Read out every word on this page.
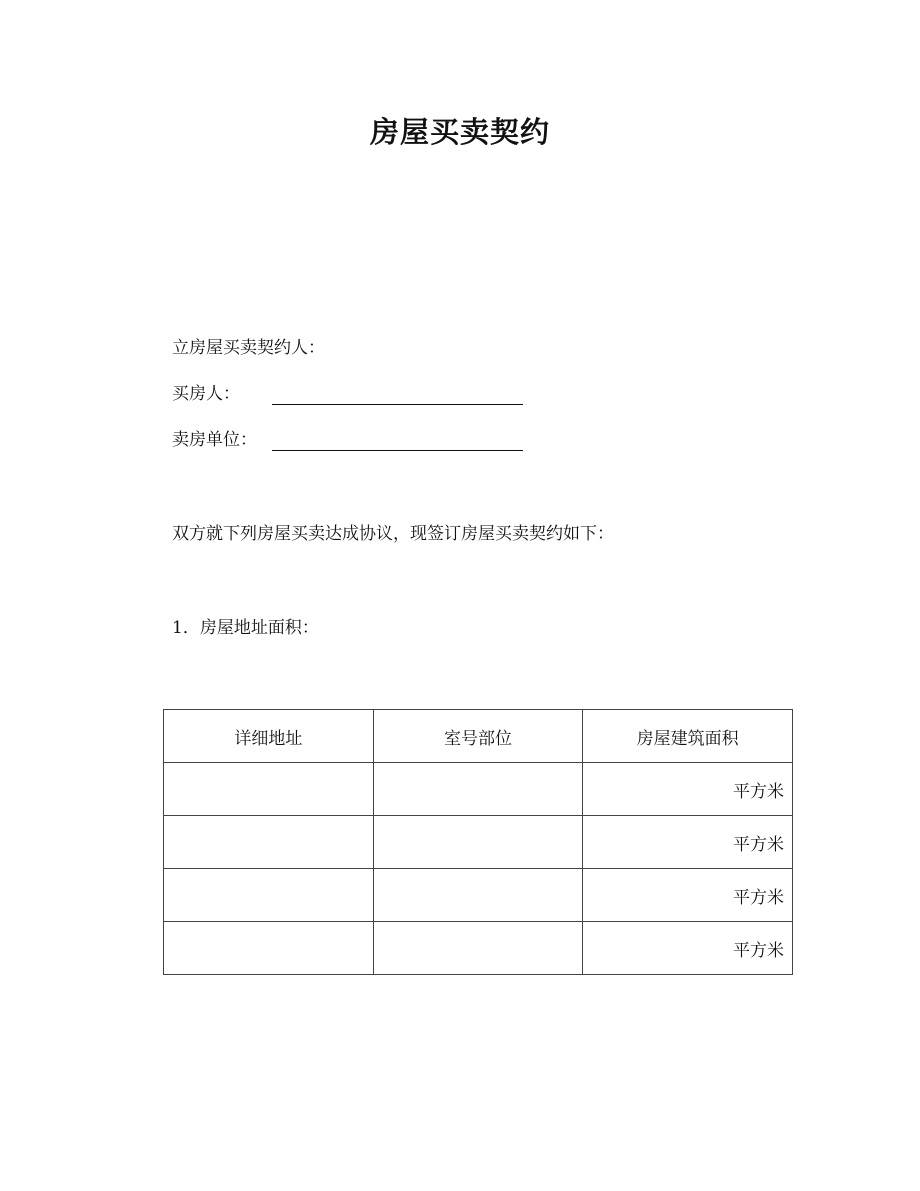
房屋买卖契约
立房屋买卖契约人：
买房人：
卖房单位：
双方就下列房屋买卖达成协议，现签订房屋买卖契约如下：
1．房屋地址面积：
详细地址	室号部位	房屋建筑面积
		平方米
		平方米
		平方米
		平方米
